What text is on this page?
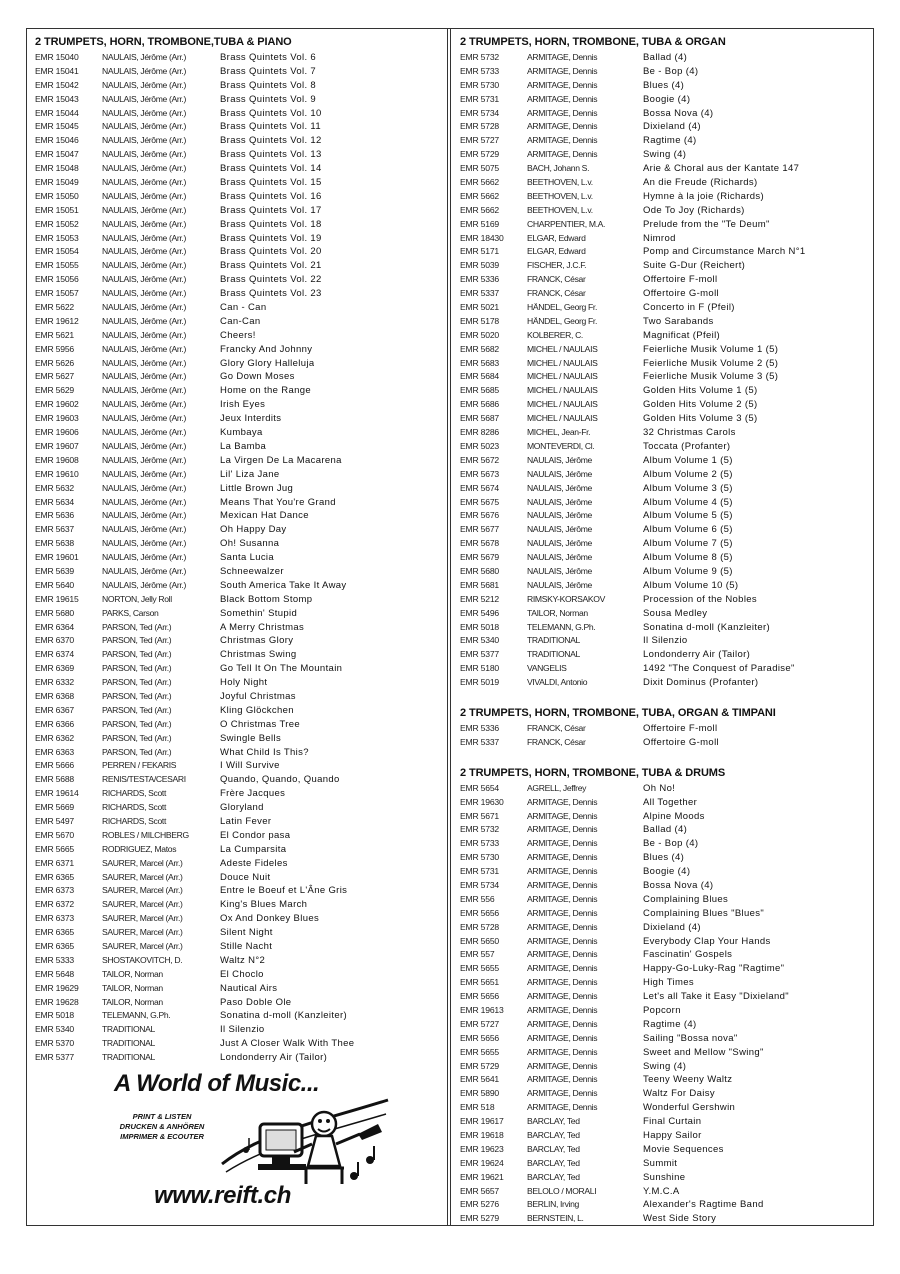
2 TRUMPETS, HORN, TROMBONE,TUBA & PIANO
EMR 15040	NAULAIS, Jérôme (Arr.)	Brass Quintets Vol. 6
EMR 15041	NAULAIS, Jérôme (Arr.)	Brass Quintets Vol. 7
EMR 15042	NAULAIS, Jérôme (Arr.)	Brass Quintets Vol. 8
EMR 15043	NAULAIS, Jérôme (Arr.)	Brass Quintets Vol. 9
EMR 15044	NAULAIS, Jérôme (Arr.)	Brass Quintets Vol. 10
EMR 15045	NAULAIS, Jérôme (Arr.)	Brass Quintets Vol. 11
EMR 15046	NAULAIS, Jérôme (Arr.)	Brass Quintets Vol. 12
EMR 15047	NAULAIS, Jérôme (Arr.)	Brass Quintets Vol. 13
EMR 15048	NAULAIS, Jérôme (Arr.)	Brass Quintets Vol. 14
EMR 15049	NAULAIS, Jérôme (Arr.)	Brass Quintets Vol. 15
EMR 15050	NAULAIS, Jérôme (Arr.)	Brass Quintets Vol. 16
EMR 15051	NAULAIS, Jérôme (Arr.)	Brass Quintets Vol. 17
EMR 15052	NAULAIS, Jérôme (Arr.)	Brass Quintets Vol. 18
EMR 15053	NAULAIS, Jérôme (Arr.)	Brass Quintets Vol. 19
EMR 15054	NAULAIS, Jérôme (Arr.)	Brass Quintets Vol. 20
EMR 15055	NAULAIS, Jérôme (Arr.)	Brass Quintets Vol. 21
EMR 15056	NAULAIS, Jérôme (Arr.)	Brass Quintets Vol. 22
EMR 15057	NAULAIS, Jérôme (Arr.)	Brass Quintets Vol. 23
EMR 5622	NAULAIS, Jérôme (Arr.)	Can - Can
EMR 19612	NAULAIS, Jérôme (Arr.)	Can-Can
EMR 5621	NAULAIS, Jérôme (Arr.)	Cheers!
EMR 5956	NAULAIS, Jérôme (Arr.)	Francky And Johnny
EMR 5626	NAULAIS, Jérôme (Arr.)	Glory Glory Halleluja
EMR 5627	NAULAIS, Jérôme (Arr.)	Go Down Moses
EMR 5629	NAULAIS, Jérôme (Arr.)	Home on the Range
EMR 19602	NAULAIS, Jérôme (Arr.)	Irish Eyes
EMR 19603	NAULAIS, Jérôme (Arr.)	Jeux Interdits
EMR 19606	NAULAIS, Jérôme (Arr.)	Kumbaya
EMR 19607	NAULAIS, Jérôme (Arr.)	La Bamba
EMR 19608	NAULAIS, Jérôme (Arr.)	La Virgen De La Macarena
EMR 19610	NAULAIS, Jérôme (Arr.)	Lil' Liza Jane
EMR 5632	NAULAIS, Jérôme (Arr.)	Little Brown Jug
EMR 5634	NAULAIS, Jérôme (Arr.)	Means That You're Grand
EMR 5636	NAULAIS, Jérôme (Arr.)	Mexican Hat Dance
EMR 5637	NAULAIS, Jérôme (Arr.)	Oh Happy Day
EMR 5638	NAULAIS, Jérôme (Arr.)	Oh! Susanna
EMR 19601	NAULAIS, Jérôme (Arr.)	Santa Lucia
EMR 5639	NAULAIS, Jérôme (Arr.)	Schneewalzer
EMR 5640	NAULAIS, Jérôme (Arr.)	South America Take It Away
EMR 19615	NORTON, Jelly Roll	Black Bottom Stomp
EMR 5680	PARKS, Carson	Somethin' Stupid
EMR 6364	PARSON, Ted (Arr.)	A Merry Christmas
EMR 6370	PARSON, Ted (Arr.)	Christmas Glory
EMR 6374	PARSON, Ted (Arr.)	Christmas Swing
EMR 6369	PARSON, Ted (Arr.)	Go Tell It On The Mountain
EMR 6332	PARSON, Ted (Arr.)	Holy Night
EMR 6368	PARSON, Ted (Arr.)	Joyful Christmas
EMR 6367	PARSON, Ted (Arr.)	Kling Glöckchen
EMR 6366	PARSON, Ted (Arr.)	O Christmas Tree
EMR 6362	PARSON, Ted (Arr.)	Swingle Bells
EMR 6363	PARSON, Ted (Arr.)	What Child Is This?
EMR 5666	PERREN / FEKARIS	I Will Survive
EMR 5688	RENIS/TESTA/CESARI	Quando, Quando, Quando
EMR 19614	RICHARDS, Scott	Frère Jacques
EMR 5669	RICHARDS, Scott	Gloryland
EMR 5497	RICHARDS, Scott	Latin Fever
EMR 5670	ROBLES / MILCHBERG	El Condor pasa
EMR 5665	RODRIGUEZ, Matos	La Cumparsita
EMR 6371	SAURER, Marcel (Arr.)	Adeste Fideles
EMR 6365	SAURER, Marcel (Arr.)	Douce Nuit
EMR 6373	SAURER, Marcel (Arr.)	Entre le Boeuf et L'Âne Gris
EMR 6372	SAURER, Marcel (Arr.)	King's Blues March
EMR 6373	SAURER, Marcel (Arr.)	Ox And Donkey Blues
EMR 6365	SAURER, Marcel (Arr.)	Silent Night
EMR 6365	SAURER, Marcel (Arr.)	Stille Nacht
EMR 5333	SHOSTAKOVITCH, D.	Waltz N°2
EMR 5648	TAILOR, Norman	El Choclo
EMR 19629	TAILOR, Norman	Nautical Airs
EMR 19628	TAILOR, Norman	Paso Doble Ole
EMR 5018	TELEMANN, G.Ph.	Sonatina d-moll (Kanzleiter)
EMR 5340	TRADITIONAL	Il Silenzio
EMR 5370	TRADITIONAL	Just A Closer Walk With Thee
EMR 5377	TRADITIONAL	Londonderry Air (Tailor)
2 TRUMPETS, HORN, TROMBONE, TUBA & ORGAN
EMR 5732	ARMITAGE, Dennis	Ballad (4)
EMR 5733	ARMITAGE, Dennis	Be - Bop (4)
EMR 5730	ARMITAGE, Dennis	Blues (4)
EMR 5731	ARMITAGE, Dennis	Boogie (4)
EMR 5734	ARMITAGE, Dennis	Bossa Nova (4)
EMR 5728	ARMITAGE, Dennis	Dixieland (4)
EMR 5727	ARMITAGE, Dennis	Ragtime (4)
EMR 5729	ARMITAGE, Dennis	Swing (4)
EMR 5075	BACH, Johann S.	Arie & Choral aus der Kantate 147
EMR 5662	BEETHOVEN, L.v.	An die Freude (Richards)
EMR 5662	BEETHOVEN, L.v.	Hymne à la joie (Richards)
EMR 5662	BEETHOVEN, L.v.	Ode To Joy (Richards)
EMR 5169	CHARPENTIER, M.A.	Prelude from the "Te Deum"
EMR 18430	ELGAR, Edward	Nimrod
EMR 5171	ELGAR, Edward	Pomp and Circumstance March N°1
EMR 5039	FISCHER, J.C.F.	Suite G-Dur (Reichert)
EMR 5336	FRANCK, César	Offertoire F-moll
EMR 5337	FRANCK, César	Offertoire G-moll
EMR 5021	HÄNDEL, Georg Fr.	Concerto in F (Pfeil)
EMR 5178	HÄNDEL, Georg Fr.	Two Sarabands
EMR 5020	KOLBERER, C.	Magnificat (Pfeil)
EMR 5682	MICHEL / NAULAIS	Feierliche Musik Volume 1 (5)
EMR 5683	MICHEL / NAULAIS	Feierliche Musik Volume 2 (5)
EMR 5684	MICHEL / NAULAIS	Feierliche Musik Volume 3 (5)
EMR 5685	MICHEL / NAULAIS	Golden Hits Volume 1 (5)
EMR 5686	MICHEL / NAULAIS	Golden Hits Volume 2 (5)
EMR 5687	MICHEL / NAULAIS	Golden Hits Volume 3 (5)
EMR 8286	MICHEL, Jean-Fr.	32 Christmas Carols
EMR 5023	MONTEVERDI, Cl.	Toccata (Profanter)
EMR 5672	NAULAIS, Jérôme	Album Volume 1 (5)
EMR 5673	NAULAIS, Jérôme	Album Volume 2 (5)
EMR 5674	NAULAIS, Jérôme	Album Volume 3 (5)
EMR 5675	NAULAIS, Jérôme	Album Volume 4 (5)
EMR 5676	NAULAIS, Jérôme	Album Volume 5 (5)
EMR 5677	NAULAIS, Jérôme	Album Volume 6 (5)
EMR 5678	NAULAIS, Jérôme	Album Volume 7 (5)
EMR 5679	NAULAIS, Jérôme	Album Volume 8 (5)
EMR 5680	NAULAIS, Jérôme	Album Volume 9 (5)
EMR 5681	NAULAIS, Jérôme	Album Volume 10 (5)
EMR 5212	RIMSKY-KORSAKOV	Procession of the Nobles
EMR 5496	TAILOR, Norman	Sousa Medley
EMR 5018	TELEMANN, G.Ph.	Sonatina d-moll (Kanzleiter)
EMR 5340	TRADITIONAL	Il Silenzio
EMR 5377	TRADITIONAL	Londonderry Air (Tailor)
EMR 5180	VANGELIS	1492 "The Conquest of Paradise"
EMR 5019	VIVALDI, Antonio	Dixit Dominus (Profanter)
2 TRUMPETS, HORN, TROMBONE, TUBA, ORGAN & TIMPANI
EMR 5336	FRANCK, César	Offertoire F-moll
EMR 5337	FRANCK, César	Offertoire G-moll
2 TRUMPETS, HORN, TROMBONE, TUBA & DRUMS
EMR 5654	AGRELL, Jeffrey	Oh No!
EMR 19630	ARMITAGE, Dennis	All Together
EMR 5671	ARMITAGE, Dennis	Alpine Moods
EMR 5732	ARMITAGE, Dennis	Ballad (4)
EMR 5733	ARMITAGE, Dennis	Be - Bop (4)
EMR 5730	ARMITAGE, Dennis	Blues (4)
EMR 5731	ARMITAGE, Dennis	Boogie (4)
EMR 5734	ARMITAGE, Dennis	Bossa Nova (4)
EMR 556	ARMITAGE, Dennis	Complaining Blues
EMR 5656	ARMITAGE, Dennis	Complaining Blues "Blues"
EMR 5728	ARMITAGE, Dennis	Dixieland (4)
EMR 5650	ARMITAGE, Dennis	Everybody Clap Your Hands
EMR 557	ARMITAGE, Dennis	Fascinatin' Gospels
EMR 5655	ARMITAGE, Dennis	Happy-Go-Luky-Rag "Ragtime"
EMR 5651	ARMITAGE, Dennis	High Times
EMR 5656	ARMITAGE, Dennis	Let's all Take it Easy "Dixieland"
EMR 19613	ARMITAGE, Dennis	Popcorn
EMR 5727	ARMITAGE, Dennis	Ragtime (4)
EMR 5656	ARMITAGE, Dennis	Sailing "Bossa nova"
EMR 5655	ARMITAGE, Dennis	Sweet and Mellow "Swing"
EMR 5729	ARMITAGE, Dennis	Swing (4)
EMR 5641	ARMITAGE, Dennis	Teeny Weeny Waltz
EMR 5890	ARMITAGE, Dennis	Waltz For Daisy
EMR 518	ARMITAGE, Dennis	Wonderful Gershwin
EMR 19617	BARCLAY, Ted	Final Curtain
EMR 19618	BARCLAY, Ted	Happy Sailor
EMR 19623	BARCLAY, Ted	Movie Sequences
EMR 19624	BARCLAY, Ted	Summit
EMR 19621	BARCLAY, Ted	Sunshine
EMR 5657	BELOLO / MORALI	Y.M.C.A
EMR 5276	BERLIN, Irving	Alexander's Ragtime Band
EMR 5279	BERNSTEIN, L.	West Side Story
A World of Music...
PRINT & LISTEN
DRUCKEN & ANHÖREN
IMPRIMER & ECOUTER
www.reift.ch
